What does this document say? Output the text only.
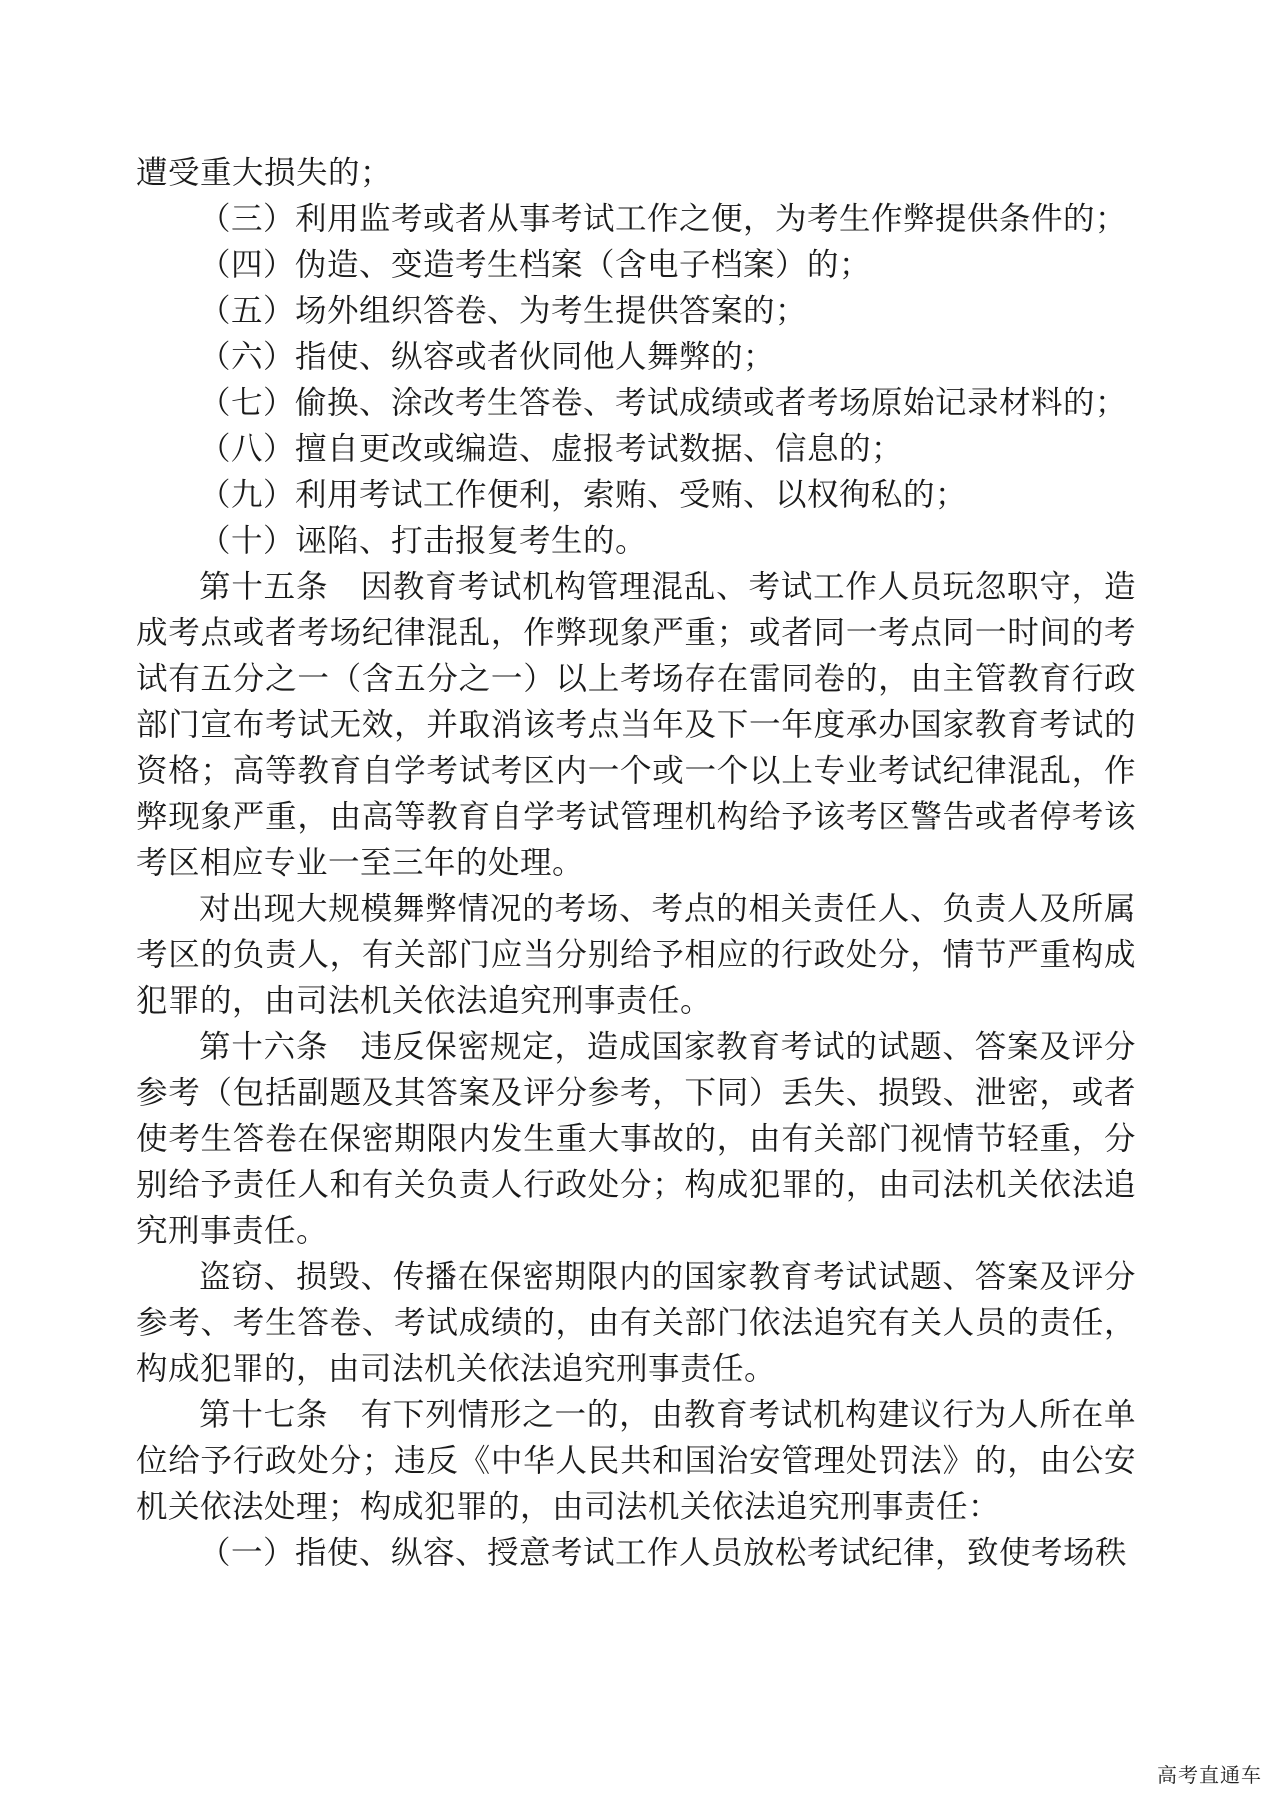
遭受重大损失的；

（三）利用监考或者从事考试工作之便，为考生作弊提供条件的；

（四）伪造、变造考生档案（含电子档案）的；

（五）场外组织答卷、为考生提供答案的；

（六）指使、纵容或者伙同他人舞弊的；

（七）偷换、涂改考生答卷、考试成绩或者考场原始记录材料的；

（八）擅自更改或编造、虚报考试数据、信息的；

（九）利用考试工作便利，索贿、受贿、以权徇私的；

（十）诬陷、打击报复考生的。

第十五条　因教育考试机构管理混乱、考试工作人员玩忽职守，造成考点或者考场纪律混乱，作弊现象严重；或者同一考点同一时间的考试有五分之一（含五分之一）以上考场存在雷同卷的，由主管教育行政部门宣布考试无效，并取消该考点当年及下一年度承办国家教育考试的资格；高等教育自学考试考区内一个或一个以上专业考试纪律混乱，作弊现象严重，由高等教育自学考试管理机构给予该考区警告或者停考该考区相应专业一至三年的处理。

对出现大规模舞弊情况的考场、考点的相关责任人、负责人及所属考区的负责人，有关部门应当分别给予相应的行政处分，情节严重构成犯罪的，由司法机关依法追究刑事责任。

第十六条　违反保密规定，造成国家教育考试的试题、答案及评分参考（包括副题及其答案及评分参考，下同）丢失、损毁、泄密，或者使考生答卷在保密期限内发生重大事故的，由有关部门视情节轻重，分别给予责任人和有关负责人行政处分；构成犯罪的，由司法机关依法追究刑事责任。

盗窃、损毁、传播在保密期限内的国家教育考试试题、答案及评分参考、考生答卷、考试成绩的，由有关部门依法追究有关人员的责任，构成犯罪的，由司法机关依法追究刑事责任。

第十七条　有下列情形之一的，由教育考试机构建议行为人所在单位给予行政处分；违反《中华人民共和国治安管理处罚法》的，由公安机关依法处理；构成犯罪的，由司法机关依法追究刑事责任：

（一）指使、纵容、授意考试工作人员放松考试纪律，致使考场秩

高考直通车
